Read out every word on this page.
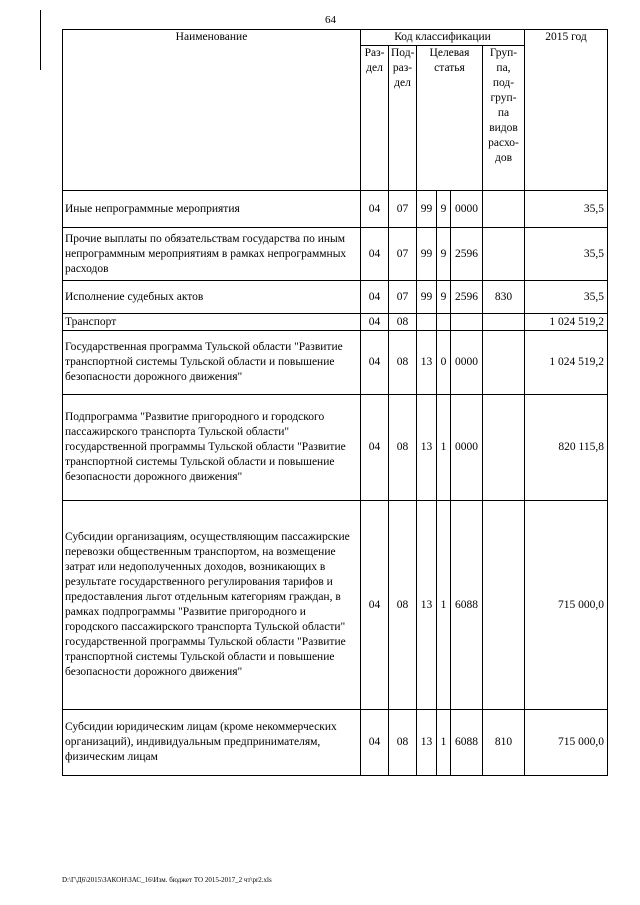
64
Наименование	Код классификации						2015 год
	Раз-дел	Под-раз-дел	Целевая статья			Груп-па, под-груп-па видов расхо-дов	
Иные непрограммные мероприятия	04	07	99	9	0000		35,5
Прочие выплаты по обязательствам государства по иным непрограммным мероприятиям в рамках непрограммных расходов	04	07	99	9	2596		35,5
Исполнение судебных актов	04	07	99	9	2596	830	35,5
Транспорт	04	08					1 024 519,2
Государственная программа Тульской области "Развитие транспортной системы Тульской области и повышение безопасности дорожного движения"	04	08	13	0	0000		1 024 519,2
Подпрограмма "Развитие пригородного и городского пассажирского транспорта Тульской области" государственной программы Тульской области "Развитие транспортной системы Тульской области и повышение безопасности дорожного движения"	04	08	13	1	0000		820 115,8
Субсидии организациям, осуществляющим пассажирские перевозки общественным транспортом, на возмещение затрат или недополученных доходов, возникающих в результате государственного регулирования тарифов и предоставления льгот отдельным категориям граждан, в рамках подпрограммы "Развитие пригородного и городского пассажирского транспорта Тульской области" государственной программы Тульской области "Развитие транспортной системы Тульской области и повышение безопасности дорожного движения"	04	08	13	1	6088		715 000,0
Субсидии юридическим лицам (кроме некоммерческих организаций), индивидуальным предпринимателям, физическим лицам	04	08	13	1	6088	810	715 000,0
D:\Г\Д6\2015\ЗАКОН\ЗАС_16\Изм. бюджет ТО 2015-2017_2 чт\pr2.xls
